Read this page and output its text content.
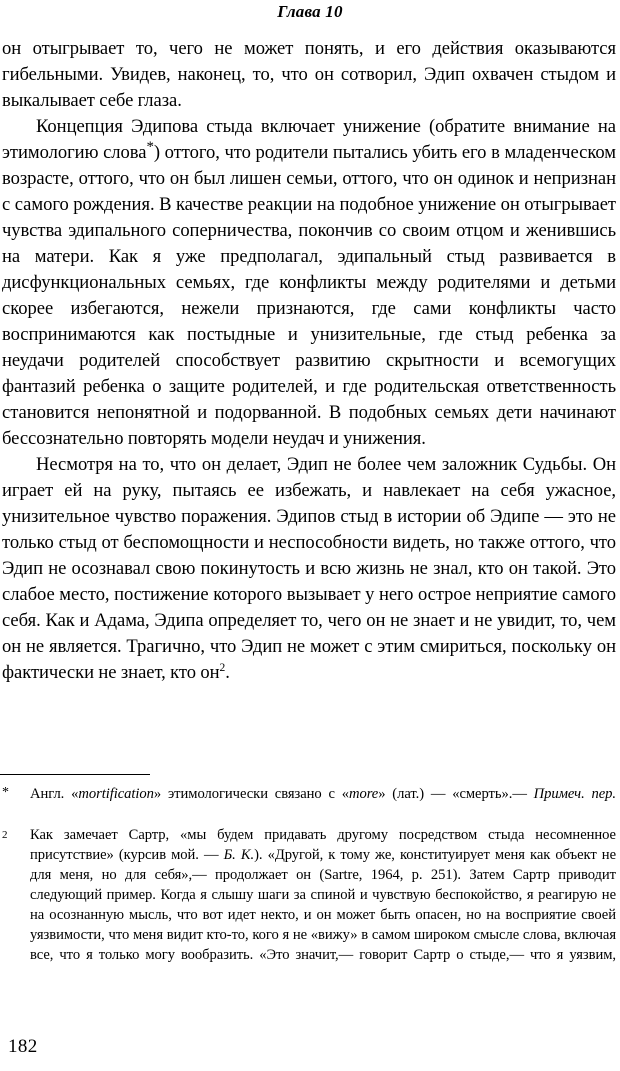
Глава 10

он отыгрывает то, чего не может понять, и его действия оказываются гибельными. Увидев, наконец, то, что он сотворил, Эдип охвачен стыдом и выкалывает себе глаза.

Концепция Эдипова стыда включает унижение (обратите внимание на этимологию слова*) оттого, что родители пытались убить его в младенческом возрасте, оттого, что он был лишен семьи, оттого, что он одинок и непризнан с самого рождения. В качестве реакции на подобное унижение он отыгрывает чувства эдипального соперничества, покончив со своим отцом и женившись на матери. Как я уже предполагал, эдипальный стыд развивается в дисфункциональных семьях, где конфликты между родителями и детьми скорее избегаются, нежели признаются, где сами конфликты часто воспринимаются как постыдные и унизительные, где стыд ребенка за неудачи родителей способствует развитию скрытности и всемогущих фантазий ребенка о защите родителей, и где родительская ответственность становится непонятной и подорванной. В подобных семьях дети начинают бессознательно повторять модели неудач и унижения.

Несмотря на то, что он делает, Эдип не более чем заложник Судьбы. Он играет ей на руку, пытаясь ее избежать, и навлекает на себя ужасное, унизительное чувство поражения. Эдипов стыд в истории об Эдипе — это не только стыд от беспомощности и неспособности видеть, но также оттого, что Эдип не осознавал свою покинутость и всю жизнь не знал, кто он такой. Это слабое место, постижение которого вызывает у него острое неприятие самого себя. Как и Адама, Эдипа определяет то, чего он не знает и не увидит, то, чем он не является. Трагично, что Эдип не может с этим смириться, поскольку он фактически не знает, кто он$^2$.

*	Англ. «mortification» этимологически связано с «more» (лат.) — «смерть».— Примеч. пер.
2	Как замечает Сартр, «мы будем придавать другому посредством стыда несомненное присутствие» (курсив мой. — Б. К.). «Другой, к тому же, конституирует меня как объект не для меня, но для себя»,— продолжает он (Sartre, 1964, p. 251). Затем Сартр приводит следующий пример. Когда я слышу шаги за спиной и чувствую беспокойство, я реагирую не на осознанную мысль, что вот идет некто, и он может быть опасен, но на восприятие своей уязвимости, что меня видит кто-то, кого я не «вижу» в самом широком смысле слова, включая все, что я только могу вообразить. «Это значит,— говорит Сартр о стыде,— что я уязвим,
182
